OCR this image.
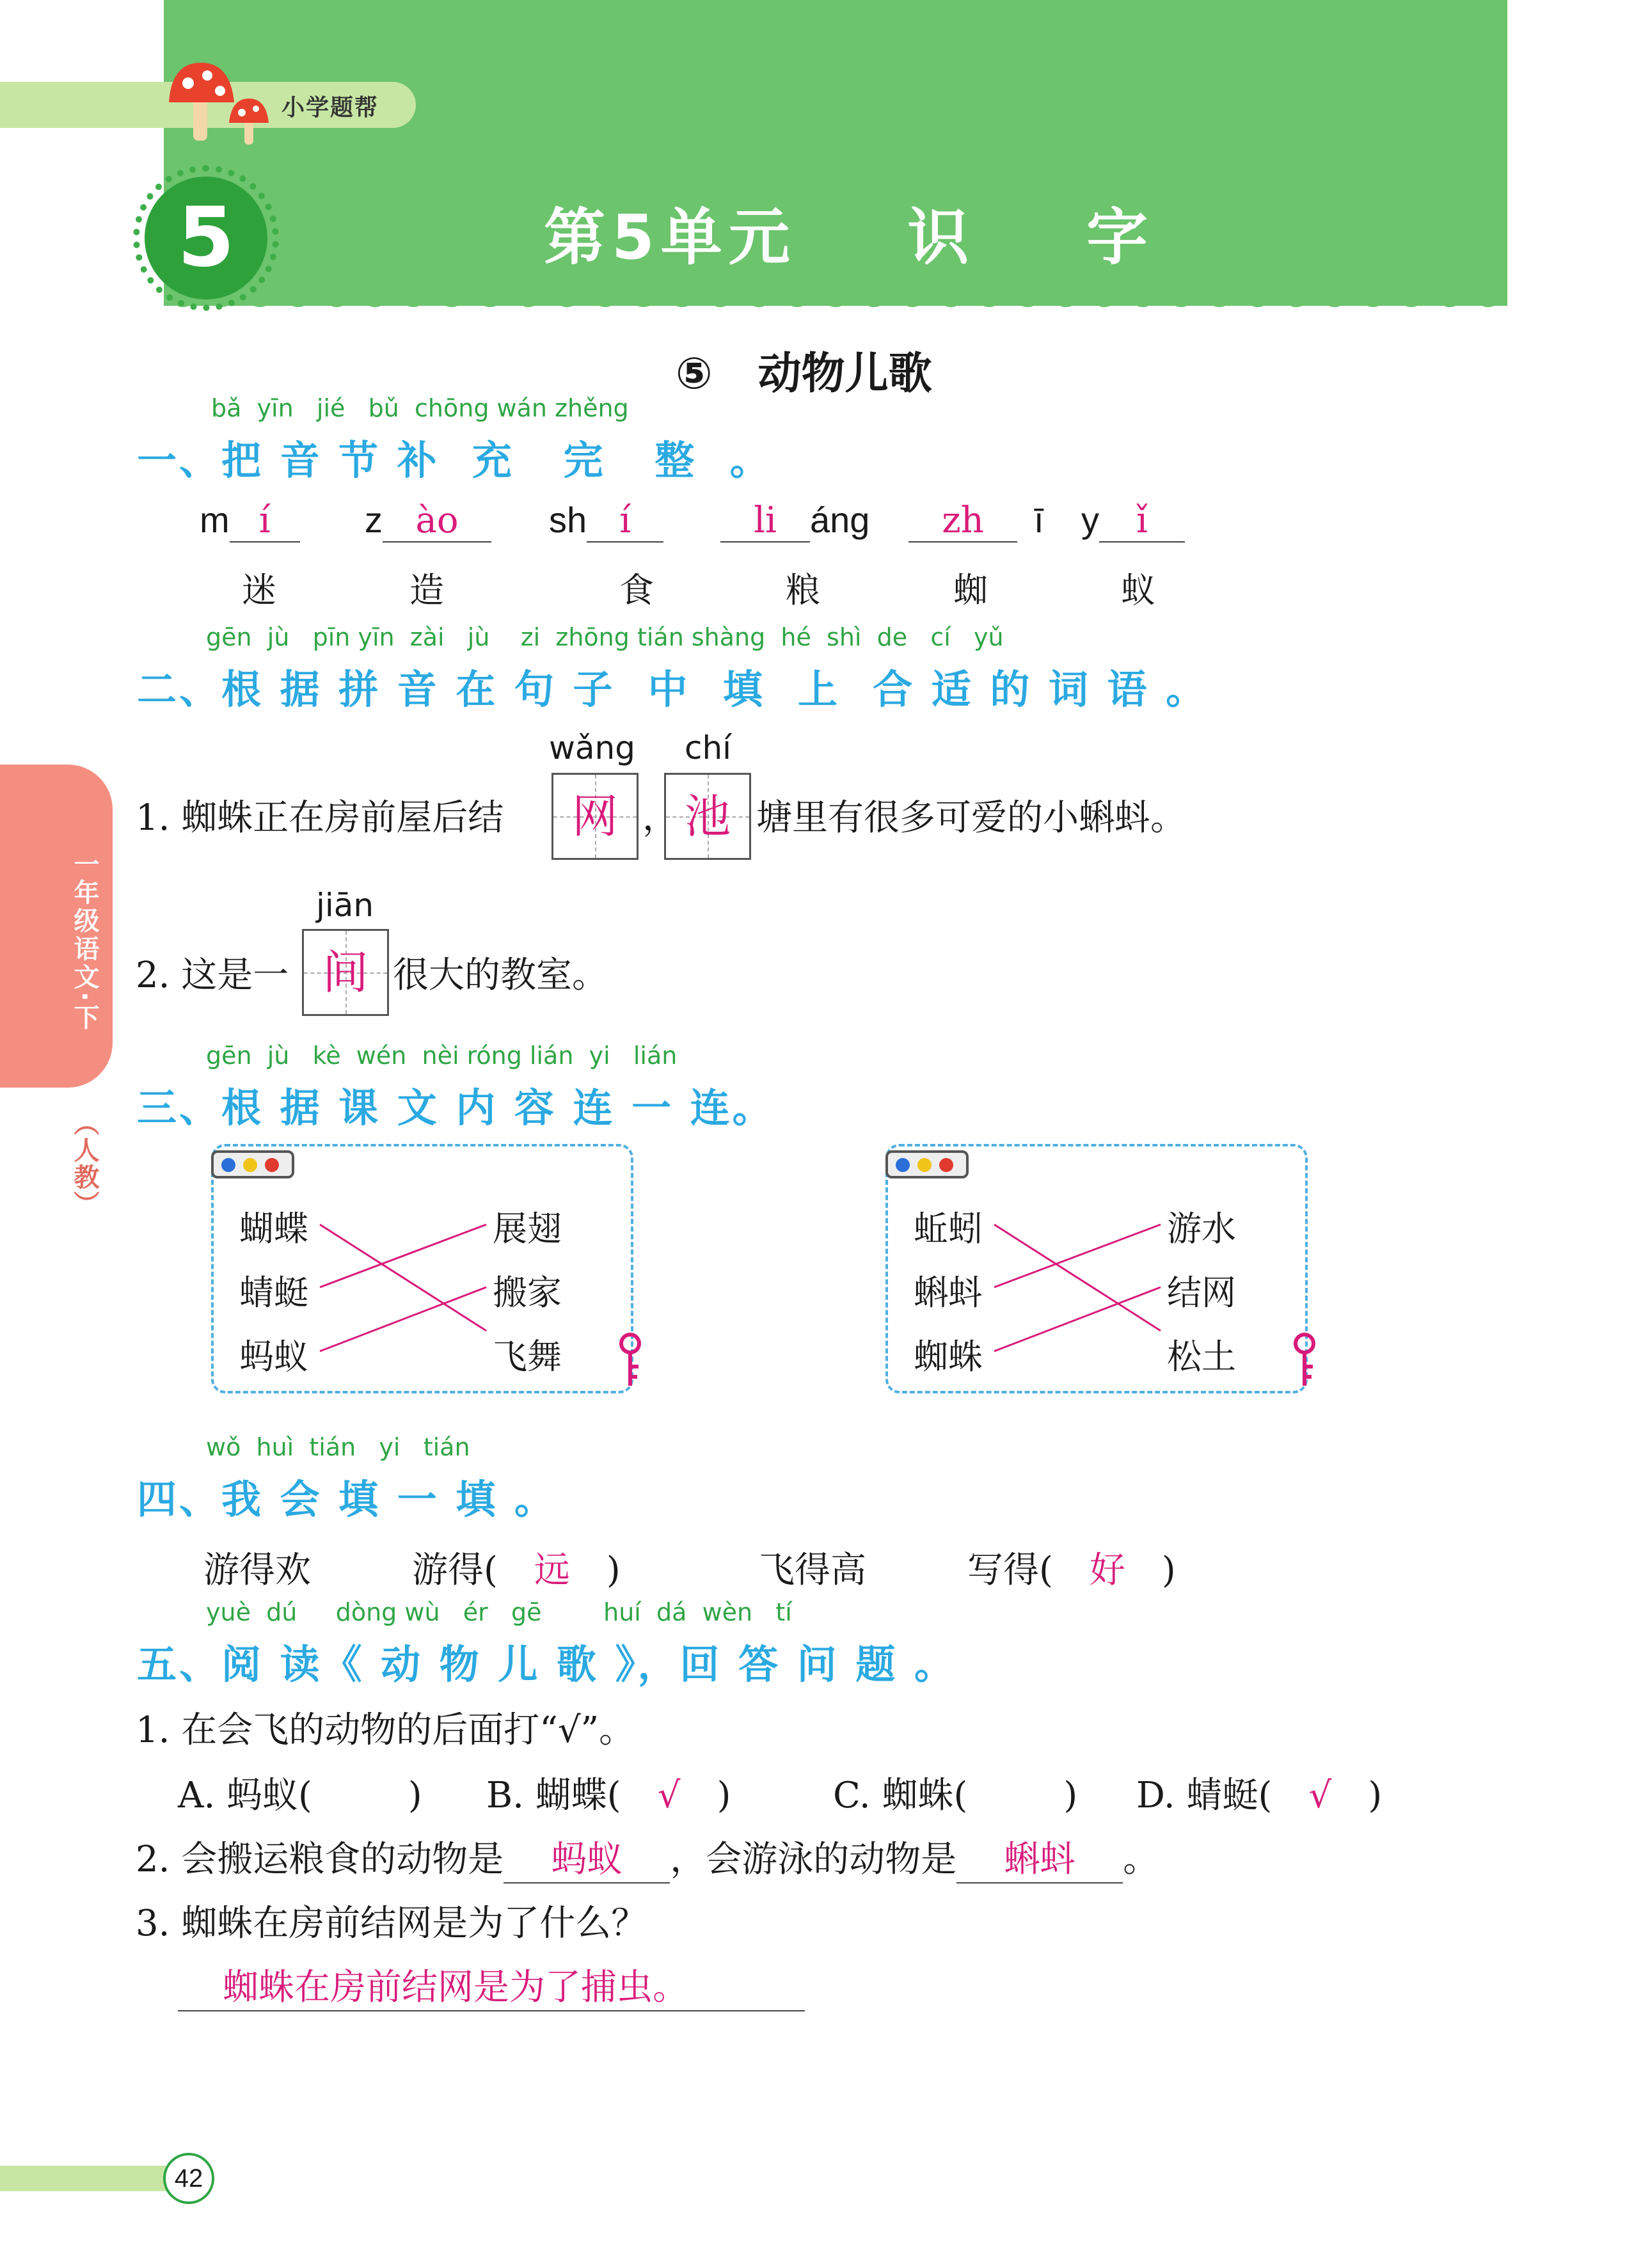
小学题帮
5	第5单元    识    字
一年级语文·下
（人教）
⑤   动物儿歌
bǎ  yīn   jié   bǔ  chōng wán zhěng
一、把 音 节 补  充   完   整  。
m í	z ào	sh í	li áng	zh ī y ǐ
迷	造	食	粮	蜘	蚁
gēn  jù   pīn yīn  zài   jù    zi  zhōng tián shàng  hé  shì  de   cí   yǔ
二、根 据 拼 音 在 句 子  中  填  上  合 适 的 词 语 。
wǎng chí
1. 蜘蛛正在房前屋后结	网 ， 池 塘里有很多可爱的小蝌蚪。
jiān
2. 这是一 间 很大的教室。
gēn  jù   kè  wén  nèi róng lián  yi   lián
三、根 据 课 文 内 容 连 一 连。
蝴蝶
蜻蜓
蚂蚁
展翅
搬家
飞舞
蚯蚓
蝌蚪
蜘蛛
游水
结网
松土
wǒ  huì  tián   yi   tián
四、我 会 填 一 填 。
游得欢	游得( 远 )	飞得高	写得( 好 )
yuè  dú     dòng wù   ér   gē        huí  dá  wèn   tí
五、阅 读《 动 物 儿 歌 》，回 答 问 题 。
1. 在会飞的动物的后面打“√”。
A. 蚂蚁(	) B. 蝴蝶( √ )	C. 蜘蛛(	) D. 蜻蜓( √ )
2. 会搬运粮食的动物是 蚂蚁 ，会游泳的动物是 蝌蚪 。
3. 蜘蛛在房前结网是为了什么？
蜘蛛在房前结网是为了捕虫。
42
